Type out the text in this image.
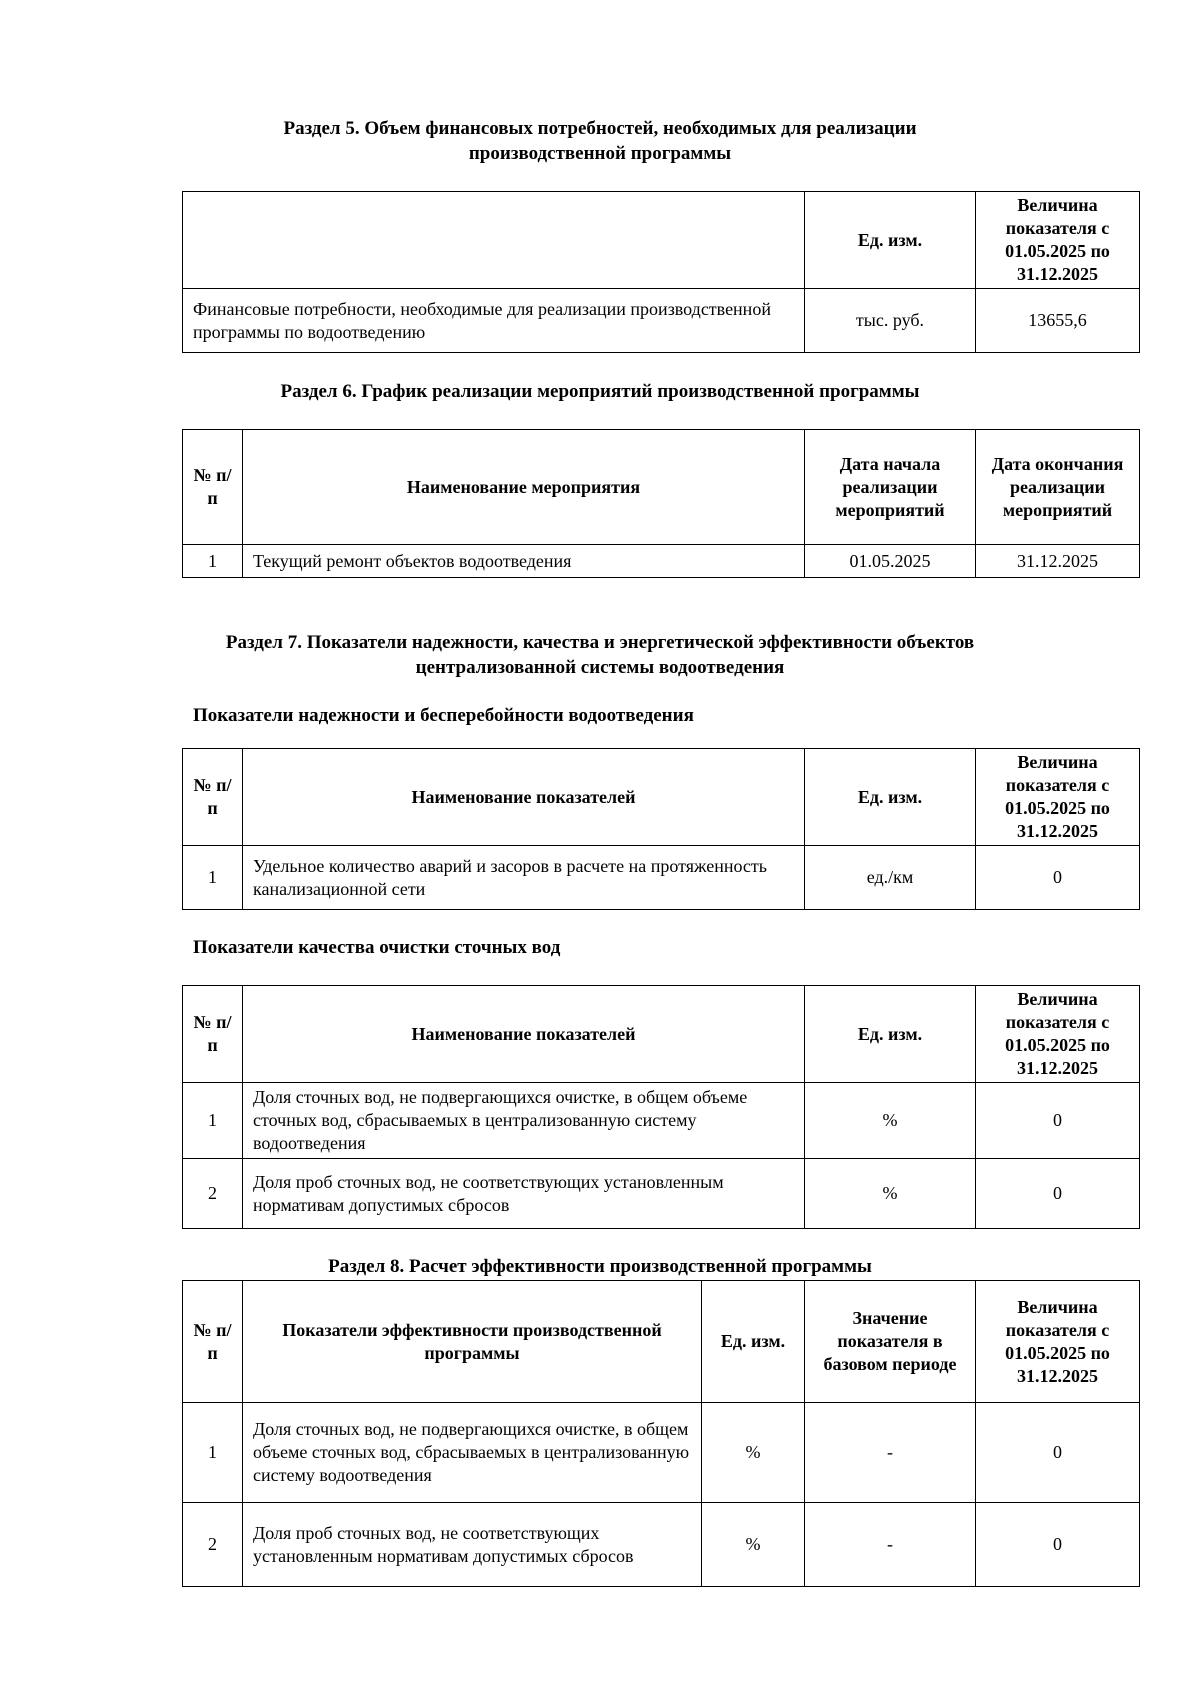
Раздел 5. Объем финансовых потребностей, необходимых для реализации
производственной программы
	Ед. изм.	Величина показателя с 01.05.2025 по 31.12.2025
Финансовые потребности, необходимые для реализации производственной программы по водоотведению	тыс. руб.	13655,6
Раздел 6. График реализации мероприятий производственной программы
№ п/п	Наименование мероприятия	Дата начала реализации мероприятий	Дата окончания реализации мероприятий
1	Текущий ремонт объектов водоотведения	01.05.2025	31.12.2025
Раздел 7. Показатели надежности, качества и энергетической эффективности объектов
централизованной системы водоотведения
Показатели надежности и бесперебойности водоотведения
№ п/п	Наименование показателей	Ед. изм.	Величина показателя с 01.05.2025 по 31.12.2025
1	Удельное количество аварий и засоров в расчете на протяженность канализационной сети	ед./км	0
Показатели качества очистки сточных вод
№ п/п	Наименование показателей	Ед. изм.	Величина показателя с 01.05.2025 по 31.12.2025
1	Доля сточных вод, не подвергающихся очистке, в общем объеме сточных вод, сбрасываемых в централизованную систему водоотведения	%	0
2	Доля проб сточных вод, не соответствующих установленным нормативам допустимых сбросов	%	0
Раздел 8. Расчет эффективности производственной программы
№ п/п	Показатели эффективности производственной программы	Ед. изм.	Значение показателя в базовом периоде	Величина показателя с 01.05.2025 по 31.12.2025
1	Доля сточных вод, не подвергающихся очистке, в общем объеме сточных вод, сбрасываемых в централизованную систему водоотведения	%	-	0
2	Доля проб сточных вод, не соответствующих установленным нормативам допустимых сбросов	%	-	0
